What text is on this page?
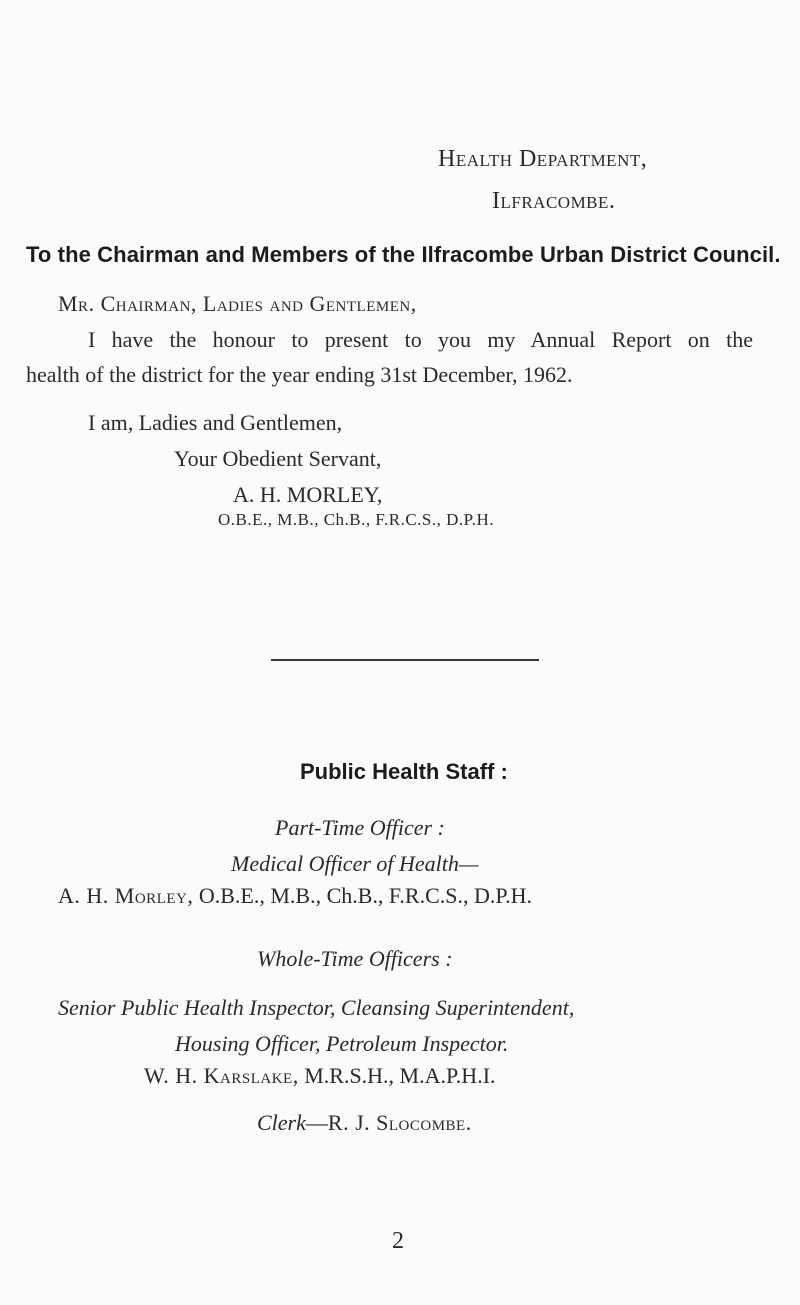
Health Department,
Ilfracombe.
To the Chairman and Members of the Ilfracombe Urban District Council.
Mr. Chairman, Ladies and Gentlemen,
I have the honour to present to you my Annual Report on the
health of the district for the year ending 31st December, 1962.
I am, Ladies and Gentlemen,
Your Obedient Servant,
A. H. MORLEY,
O.B.E., M.B., Ch.B., F.R.C.S., D.P.H.
Public Health Staff :
Part-Time Officer :
Medical Officer of Health—
A. H. Morley, O.B.E., M.B., Ch.B., F.R.C.S., D.P.H.
Whole-Time Officers :
Senior Public Health Inspector, Cleansing Superintendent,
Housing Officer, Petroleum Inspector.
W. H. Karslake, M.R.S.H., M.A.P.H.I.
Clerk—R. J. Slocombe.
2
